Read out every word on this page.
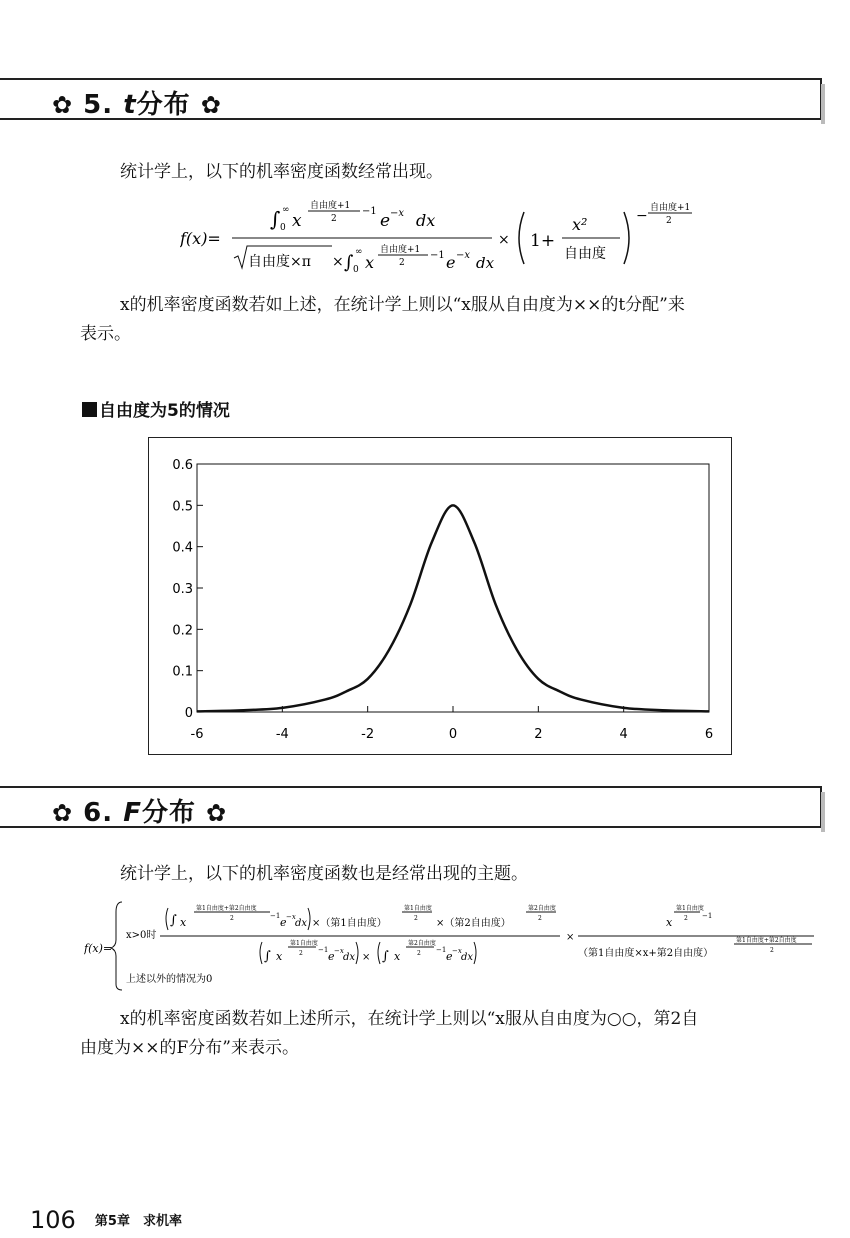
✿ 5. t分布 ✿
统计学上，以下的机率密度函数经常出现。
f(x)=
∫ ∞
0 x
自由度+1
2
−1 e −x dx
自由度×π × ∫ ∞
0 x
自由度+1
2
−1 e −x dx
× 1+
x²
自由度
− 自由度+1
2
x的机率密度函数若如上述，在统计学上则以“x服从自由度为××的t分配”来
表示。
自由度为5的情况
0
0.1
0.2
0.3
0.4
0.5
0.6
-6	-4	-2	0	2	4	6
✿ 6. F分布 ✿
统计学上，以下的机率密度函数也是经常出现的主题。
f(x)=
x>0时
上述以外的情况为0
∫ x
第1自由度+第2自由度
2	−1 e −x
dx ×（第1自由度）
第1自由度
2 ×（第2自由度）
第2自由度
2
∫ x
第1自由度
2 −1 e −x
dx × ∫ x
第2自由度
2 −1 e −x
dx
×
x
第1自由度
2 −1
（第1自由度×x+第2自由度）
第1自由度+第2自由度
2
x的机率密度函数若如上述所示，在统计学上则以“x服从自由度为○○，第2自
由度为××的F分布”来表示。
106 第5章　求机率
